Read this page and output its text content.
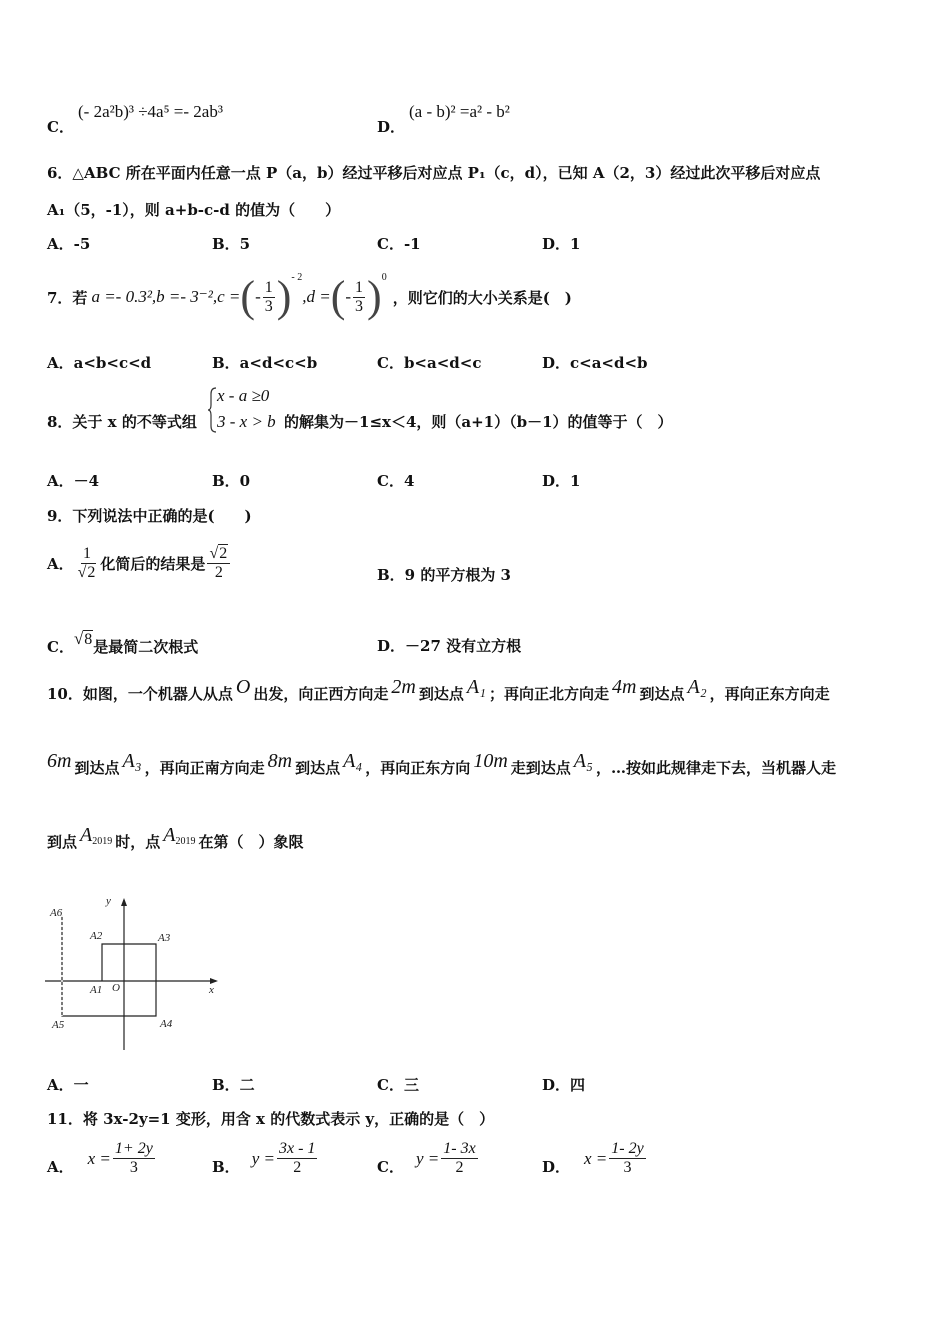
C．
(- 2a²b)³ ÷4a⁵ =- 2ab³
D．
(a - b)² =a² - b²
6．△ABC 所在平面内任意一点 P（a，b）经过平移后对应点 P₁（c，d），已知 A（2，3）经过此次平移后对应点
A₁（5，-1），则 a+b-c-d 的值为（　　）
A．-5	B．5	C．-1	D．1
7．若 a =- 0.3², b =- 3⁻², c = ( - $\frac{1}{3}$ ) - 2
,d = ( - $\frac{1}{3}$ ) 0
，则它们的大小关系是(　)
A．a<b<c<d	B．a<d<c<b	C．b<a<d<c	D．c<a<d<b
8．关于 x 的不等式组
x - a ≥0
3 - x > b 的解集为－1≤x＜4，则（a+1）（b－1）的值等于（　）
A．－4	B．0	C．4	D．1
9．下列说法中正确的是(　　)
A． $\frac{1}{√2}$ 化简后的结果是 $\frac{√2}{2}$	B．9 的平方根为 3
C． √8 是最简二次根式	D．－27 没有立方根
10．如图，一个机器人从点 O 出发，向正西方向走 2m 到达点 A₁ ；再向正北方向走 4m 到达点 A₂ ，再向正东方向走
6m 到达点 A₃ ，再向正南方向走 8m 到达点 A₄ ，再向正东方向 10m 走到达点 A₅ ，…按如此规律走下去，当机器人走
到点 A 2019 时，点 A 2019 在第（　）象限
A6
A2	A3
A1 O	x
y
A5	A4
A．一	B．二	C．三	D．四
11．将 3x-2y=1 变形，用含 x 的代数式表示 y，正确的是（　）
A． $x = \frac{1+ 2y}{3}$	B． $y = \frac{3x - 1}{2}$	C． $y = \frac{1- 3x}{2}$	D． $x = \frac{1- 2y}{3}$
